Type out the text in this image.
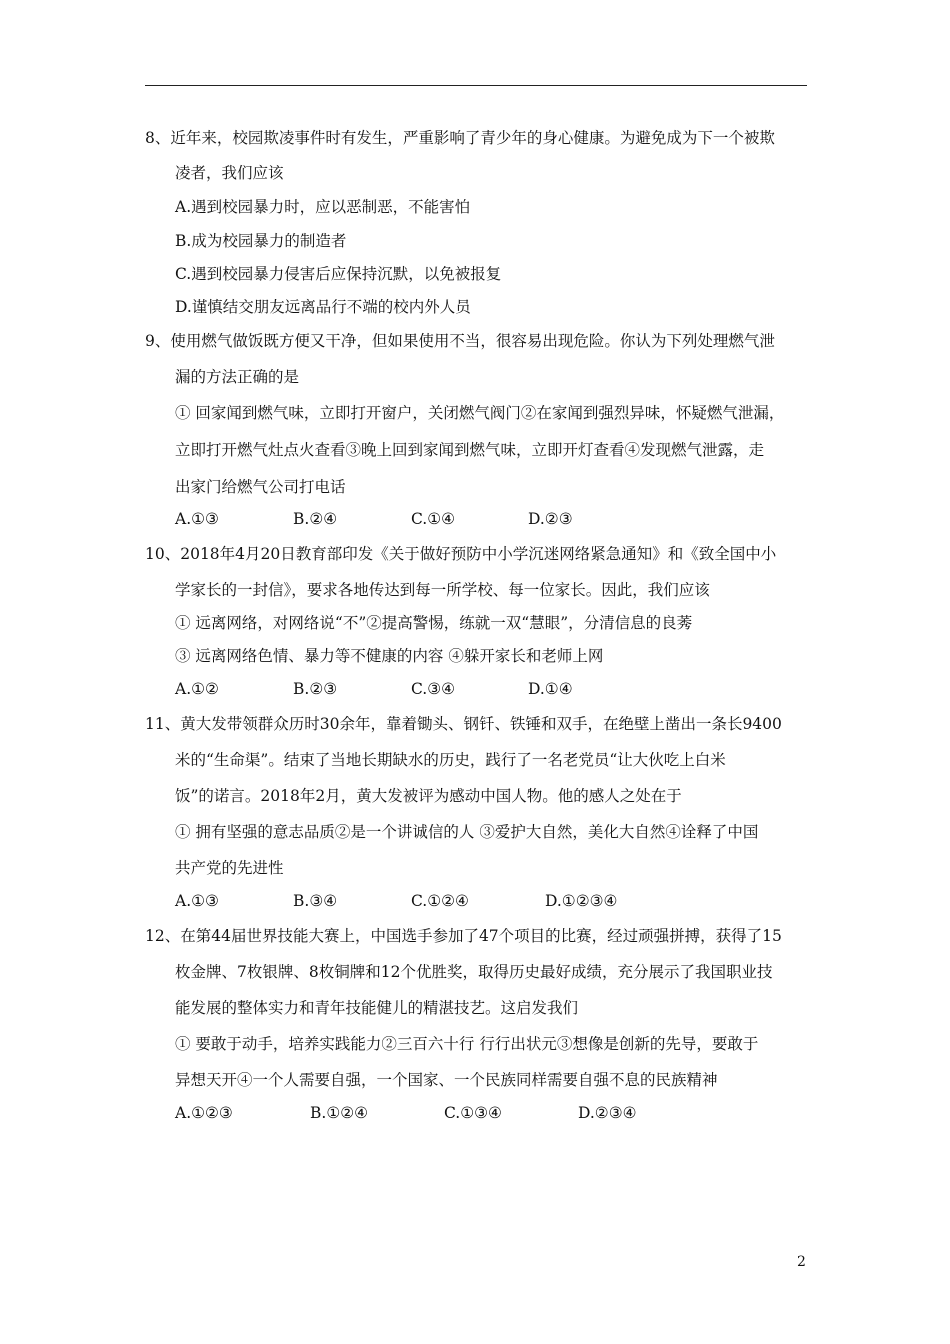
8、近年来，校园欺凌事件时有发生，严重影响了青少年的身心健康。为避免成为下一个被欺
凌者，我们应该
A.遇到校园暴力时，应以恶制恶，不能害怕
B.成为校园暴力的制造者
C.遇到校园暴力侵害后应保持沉默，以免被报复
D.谨慎结交朋友远离品行不端的校内外人员
9、使用燃气做饭既方便又干净，但如果使用不当，很容易出现危险。你认为下列处理燃气泄
漏的方法正确的是
① 回家闻到燃气味，立即打开窗户，关闭燃气阀门②在家闻到强烈异味，怀疑燃气泄漏，
立即打开燃气灶点火查看③晚上回到家闻到燃气味，立即开灯查看④发现燃气泄露，走
出家门给燃气公司打电话
A.①③	B.②④	C.①④	D.②③
10、2018年4月20日教育部印发《关于做好预防中小学沉迷网络紧急通知》和《致全国中小
学家长的一封信》，要求各地传达到每一所学校、每一位家长。因此，我们应该
① 远离网络，对网络说“不”②提高警惕，练就一双“慧眼”，分清信息的良莠
③ 远离网络色情、暴力等不健康的内容 ④躲开家长和老师上网
A.①②	B.②③	C.③④	D.①④
11、黄大发带领群众历时30余年，靠着锄头、钢钎、铁锤和双手，在绝壁上凿出一条长9400
米的“生命渠”。结束了当地长期缺水的历史，践行了一名老党员“让大伙吃上白米
饭”的诺言。2018年2月，黄大发被评为感动中国人物。他的感人之处在于
① 拥有坚强的意志品质②是一个讲诚信的人 ③爱护大自然，美化大自然④诠释了中国
共产党的先进性
A.①③	B.③④	C.①②④	D.①②③④
12、在第44届世界技能大赛上，中国选手参加了47个项目的比赛，经过顽强拼搏，获得了15
枚金牌、7枚银牌、8枚铜牌和12个优胜奖，取得历史最好成绩，充分展示了我国职业技
能发展的整体实力和青年技能健儿的精湛技艺。这启发我们
① 要敢于动手，培养实践能力②三百六十行 行行出状元③想像是创新的先导，要敢于
异想天开④一个人需要自强，一个国家、一个民族同样需要自强不息的民族精神
A.①②③	B.①②④	C.①③④	D.②③④
2
